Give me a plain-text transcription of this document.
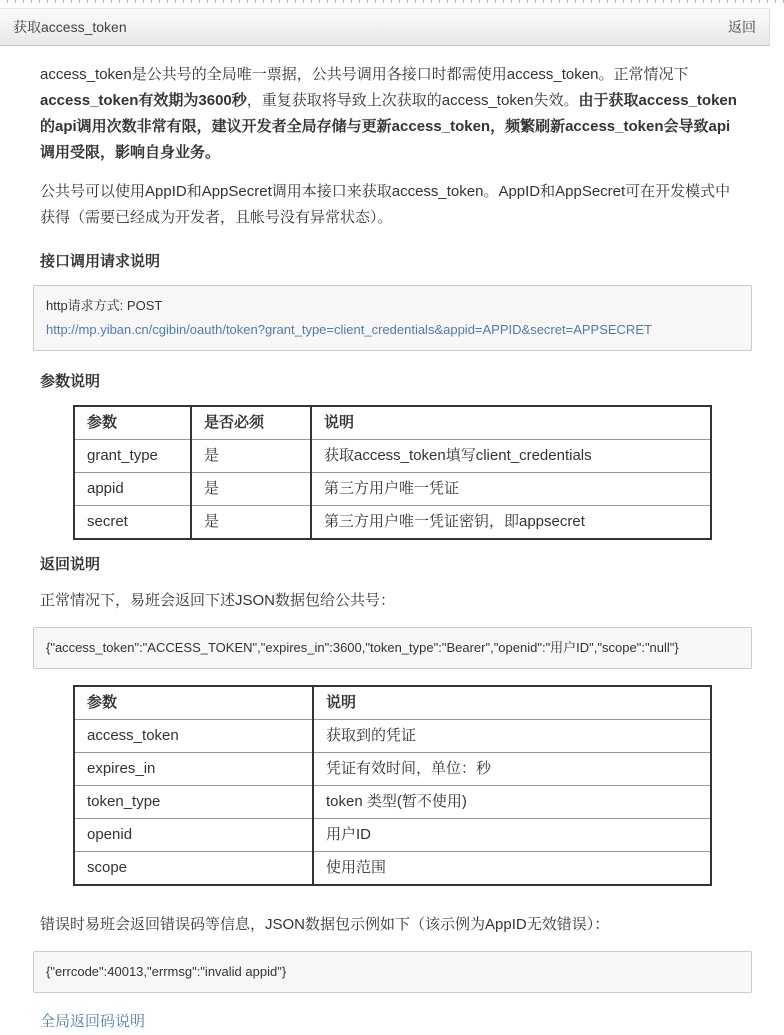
获取access_token	返回

access_token是公共号的全局唯一票据，公共号调用各接口时都需使用access_token。正常情况下access_token有效期为3600秒，重复获取将导致上次获取的access_token失效。由于获取access_token的api调用次数非常有限，建议开发者全局存储与更新access_token，频繁刷新access_token会导致api调用受限，影响自身业务。

公共号可以使用AppID和AppSecret调用本接口来获取access_token。AppID和AppSecret可在开发模式中获得（需要已经成为开发者，且帐号没有异常状态）。

接口调用请求说明
http请求方式: POST
http://mp.yiban.cn/cgibin/oauth/token?grant_type=client_credentials&appid=APPID&secret=APPSECRET
参数说明
参数	是否必须	说明
grant_type	是	获取access_token填写client_credentials
appid	是	第三方用户唯一凭证
secret	是	第三方用户唯一凭证密钥，即appsecret
返回说明

正常情况下，易班会返回下述JSON数据包给公共号：

{"access_token":"ACCESS_TOKEN","expires_in":3600,"token_type":"Bearer","openid":"用户ID","scope":"null"}
参数	说明
access_token	获取到的凭证
expires_in	凭证有效时间，单位：秒
token_type	token 类型(暂不使用)
openid	用户ID
scope	使用范围

错误时易班会返回错误码等信息，JSON数据包示例如下（该示例为AppID无效错误）：

{"errcode":40013,"errmsg":"invalid appid"}

全局返回码说明
